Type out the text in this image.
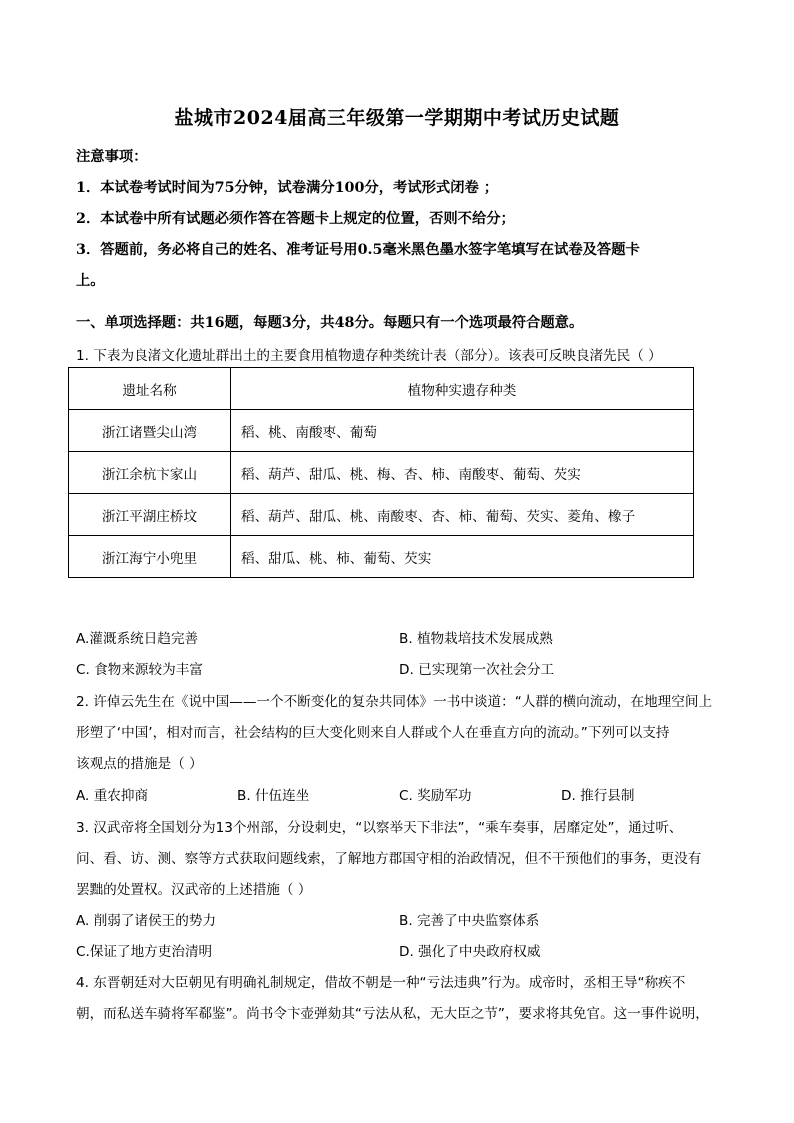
盐城市2024届高三年级第一学期期中考试历史试题
注意事项：
1．本试卷考试时间为75分钟，试卷满分100分，考试形式闭卷 ；
2．本试卷中所有试题必须作答在答题卡上规定的位置，否则不给分；
3．答题前，务必将自己的姓名、准考证号用0.5毫米黑色墨水签字笔填写在试卷及答题卡
上。
一、单项选择题：共16题，每题3分，共48分。每题只有一个选项最符合题意。
1. 下表为良渚文化遗址群出土的主要食用植物遗存种类统计表（部分）。该表可反映良渚先民（ ）
遗址名称	植物种实遗存种类
浙江诸暨尖山湾	稻、桃、南酸枣、葡萄
浙江余杭卞家山	稻、葫芦、甜瓜、桃、梅、杏、柿、南酸枣、葡萄、芡实
浙江平湖庄桥坟	稻、葫芦、甜瓜、桃、南酸枣、杏、柿、葡萄、芡实、菱角、橡子
浙江海宁小兜里	稻、甜瓜、桃、柿、葡萄、芡实
A.灌溉系统日趋完善	B. 植物栽培技术发展成熟
C. 食物来源较为丰富	D. 已实现第一次社会分工
2. 许倬云先生在《说中国——一个不断变化的复杂共同体》一书中谈道：“人群的横向流动，在地理空间上
形塑了‘中国’，相对而言，社会结构的巨大变化则来自人群或个人在垂直方向的流动。”下列可以支持
该观点的措施是（ ）
A. 重农抑商	B. 什伍连坐	C. 奖励军功	D. 推行县制
3. 汉武帝将全国划分为13个州部，分设刺史，“以察举天下非法”，“乘车奏事，居靡定处”，通过听、
问、看、访、测、察等方式获取问题线索，了解地方郡国守相的治政情况，但不干预他们的事务，更没有
罢黜的处置权。汉武帝的上述措施（ ）
A. 削弱了诸侯王的势力	B. 完善了中央监察体系
C.保证了地方吏治清明	D. 强化了中央政府权威
4. 东晋朝廷对大臣朝见有明确礼制规定，借故不朝是一种“亏法违典”行为。成帝时，丞相王导“称疾不
朝，而私送车骑将军郗鉴”。尚书令卞壶弹劾其“亏法从私，无大臣之节”，要求将其免官。这一事件说明，
